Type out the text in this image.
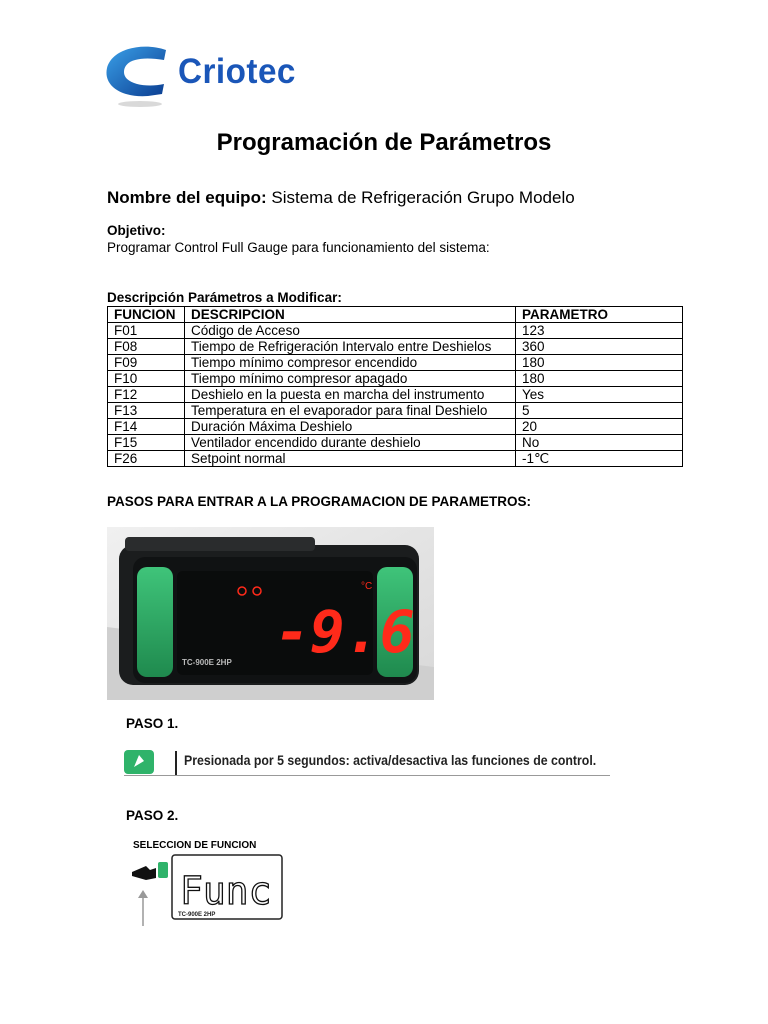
Criotec
Programación de Parámetros
Nombre del equipo: Sistema de Refrigeración Grupo Modelo
Objetivo:
Programar Control Full Gauge para funcionamiento del sistema:
Descripción Parámetros a Modificar:
FUNCION	DESCRIPCION	PARAMETRO
F01	Código de Acceso	123
F08	Tiempo de Refrigeración Intervalo entre Deshielos	360
F09	Tiempo mínimo compresor encendido	180
F10	Tiempo mínimo compresor apagado	180
F12	Deshielo en la puesta en marcha del instrumento	Yes
F13	Temperatura en el evaporador para final Deshielo	5
F14	Duración Máxima Deshielo	20
F15	Ventilador encendido durante deshielo	No
F26	Setpoint normal	-1℃
PASOS PARA ENTRAR A LA PROGRAMACION DE PARAMETROS:
TC-900E 2HP
°C
-9.6
PASO 1.
Presionada por 5 segundos: activa/desactiva las funciones de control.
PASO 2.
SELECCION DE FUNCION
Func
TC-900E 2HP
